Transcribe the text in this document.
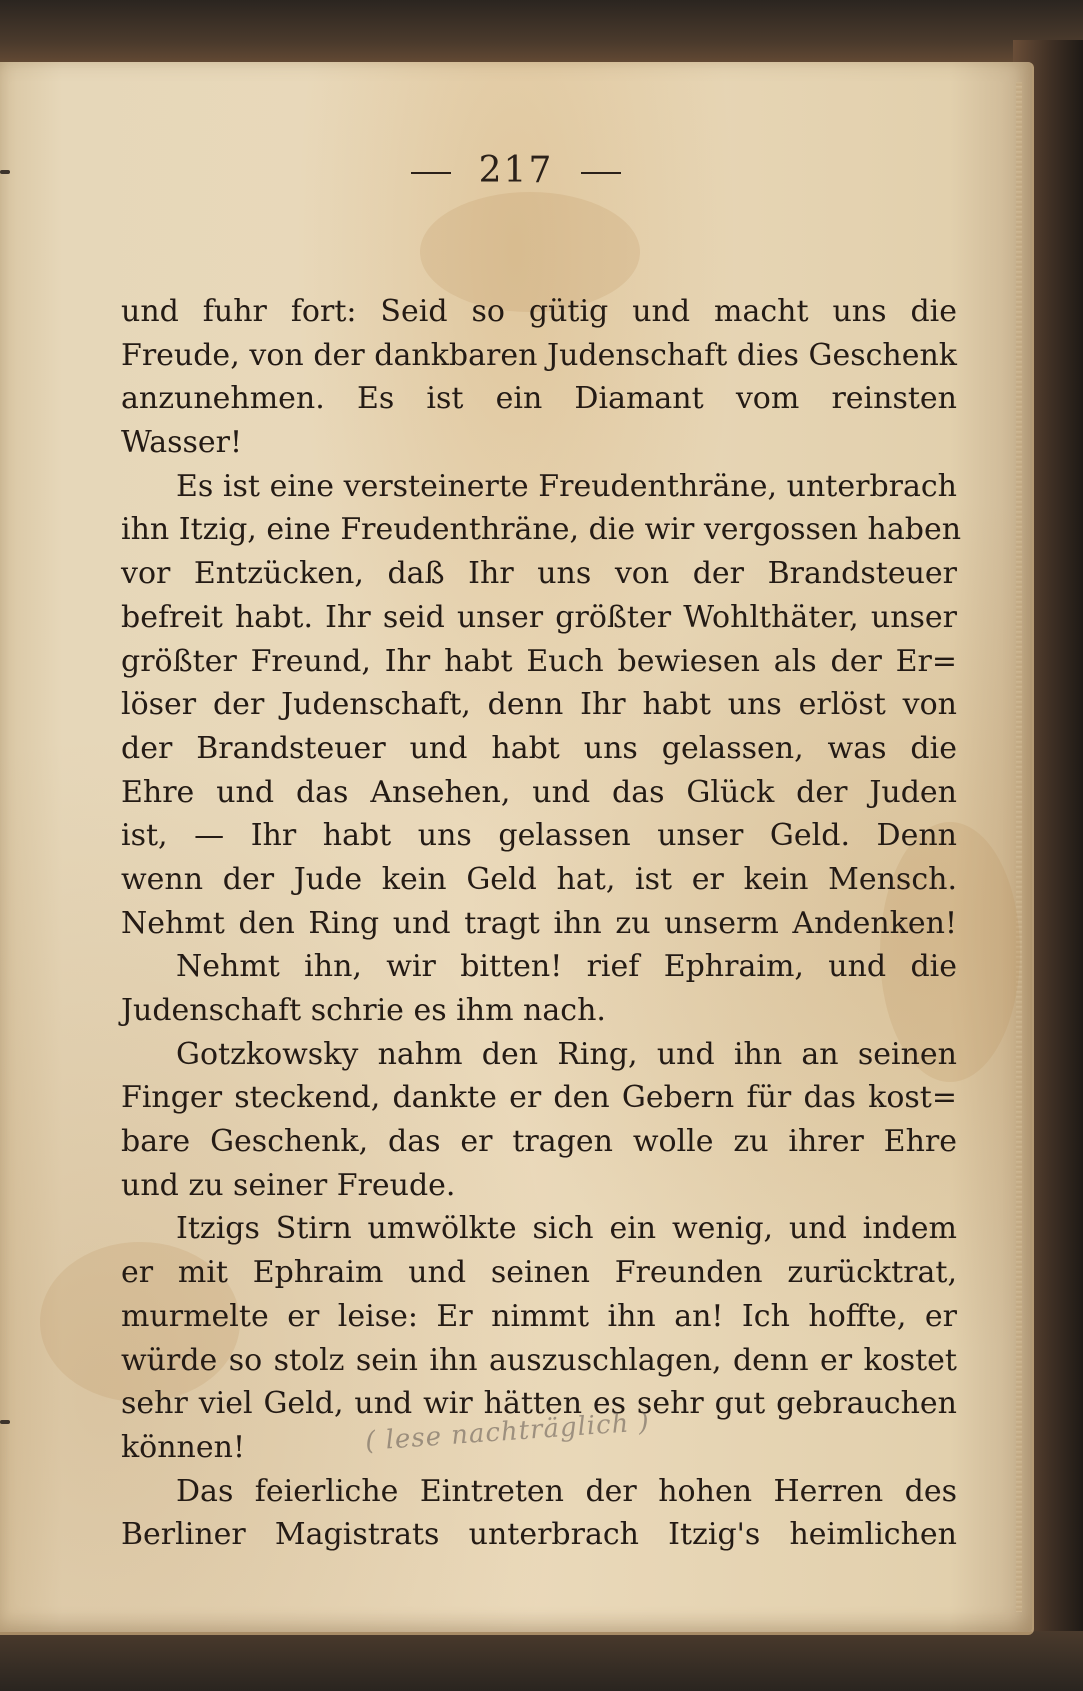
217
und fuhr fort: Seid so gütig und macht uns die
Freude, von der dankbaren Judenschaft dies Geschenk
anzunehmen. Es ist ein Diamant vom reinsten
Wasser!
Es ist eine versteinerte Freudenthräne, unterbrach
ihn Itzig, eine Freudenthräne, die wir vergossen haben
vor Entzücken, daß Ihr uns von der Brandsteuer
befreit habt. Ihr seid unser größter Wohlthäter, unser
größter Freund, Ihr habt Euch bewiesen als der Er=
löser der Judenschaft, denn Ihr habt uns erlöst von
der Brandsteuer und habt uns gelassen, was die
Ehre und das Ansehen, und das Glück der Juden
ist, — Ihr habt uns gelassen unser Geld. Denn
wenn der Jude kein Geld hat, ist er kein Mensch.
Nehmt den Ring und tragt ihn zu unserm Andenken!
Nehmt ihn, wir bitten! rief Ephraim, und die
Judenschaft schrie es ihm nach.
Gotzkowsky nahm den Ring, und ihn an seinen
Finger steckend, dankte er den Gebern für das kost=
bare Geschenk, das er tragen wolle zu ihrer Ehre
und zu seiner Freude.
Itzigs Stirn umwölkte sich ein wenig, und indem
er mit Ephraim und seinen Freunden zurücktrat,
murmelte er leise: Er nimmt ihn an! Ich hoffte, er
würde so stolz sein ihn auszuschlagen, denn er kostet
sehr viel Geld, und wir hätten es sehr gut gebrauchen
können!
Das feierliche Eintreten der hohen Herren des
Berliner Magistrats unterbrach Itzig's heimlichen
( lese nachträglich )
